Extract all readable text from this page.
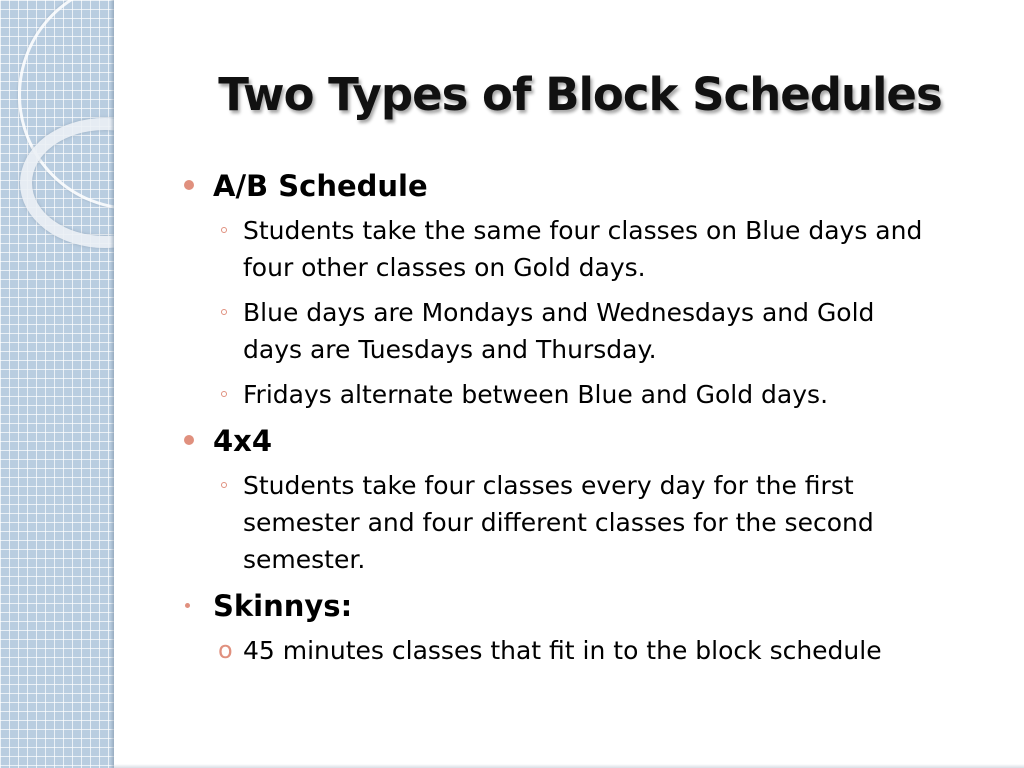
Two Types of Block Schedules
A/B Schedule
Students take the same four classes on Blue days and
four other classes on Gold days.
Blue days are Mondays and Wednesdays and Gold
days are Tuesdays and Thursday.
Fridays alternate between Blue and Gold days.
4x4
Students take four classes every day for the first
semester and four different classes for the second
semester.
Skinnys:
o 45 minutes classes that fit in to the block schedule
